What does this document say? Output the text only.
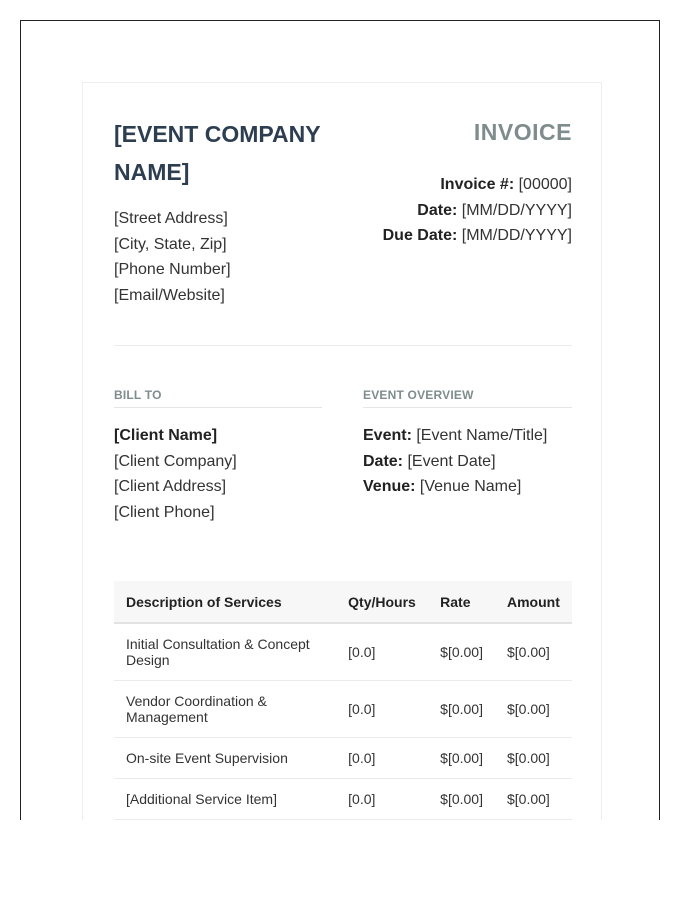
[EVENT COMPANY NAME]
[Street Address]
[City, State, Zip]
[Phone Number]
[Email/Website]
INVOICE
Invoice #: [00000]
Date: [MM/DD/YYYY]
Due Date: [MM/DD/YYYY]
BILL TO	EVENT OVERVIEW
[Client Name]
[Client Company]
[Client Address]
[Client Phone]
Event: [Event Name/Title]
Date: [Event Date]
Venue: [Venue Name]
Description of Services	Qty/Hours	Rate	Amount
Initial Consultation & Concept Design	[0.0]	$[0.00]	$[0.00]
Vendor Coordination & Management	[0.0]	$[0.00]	$[0.00]
On-site Event Supervision	[0.0]	$[0.00]	$[0.00]
[Additional Service Item]	[0.0]	$[0.00]	$[0.00]
